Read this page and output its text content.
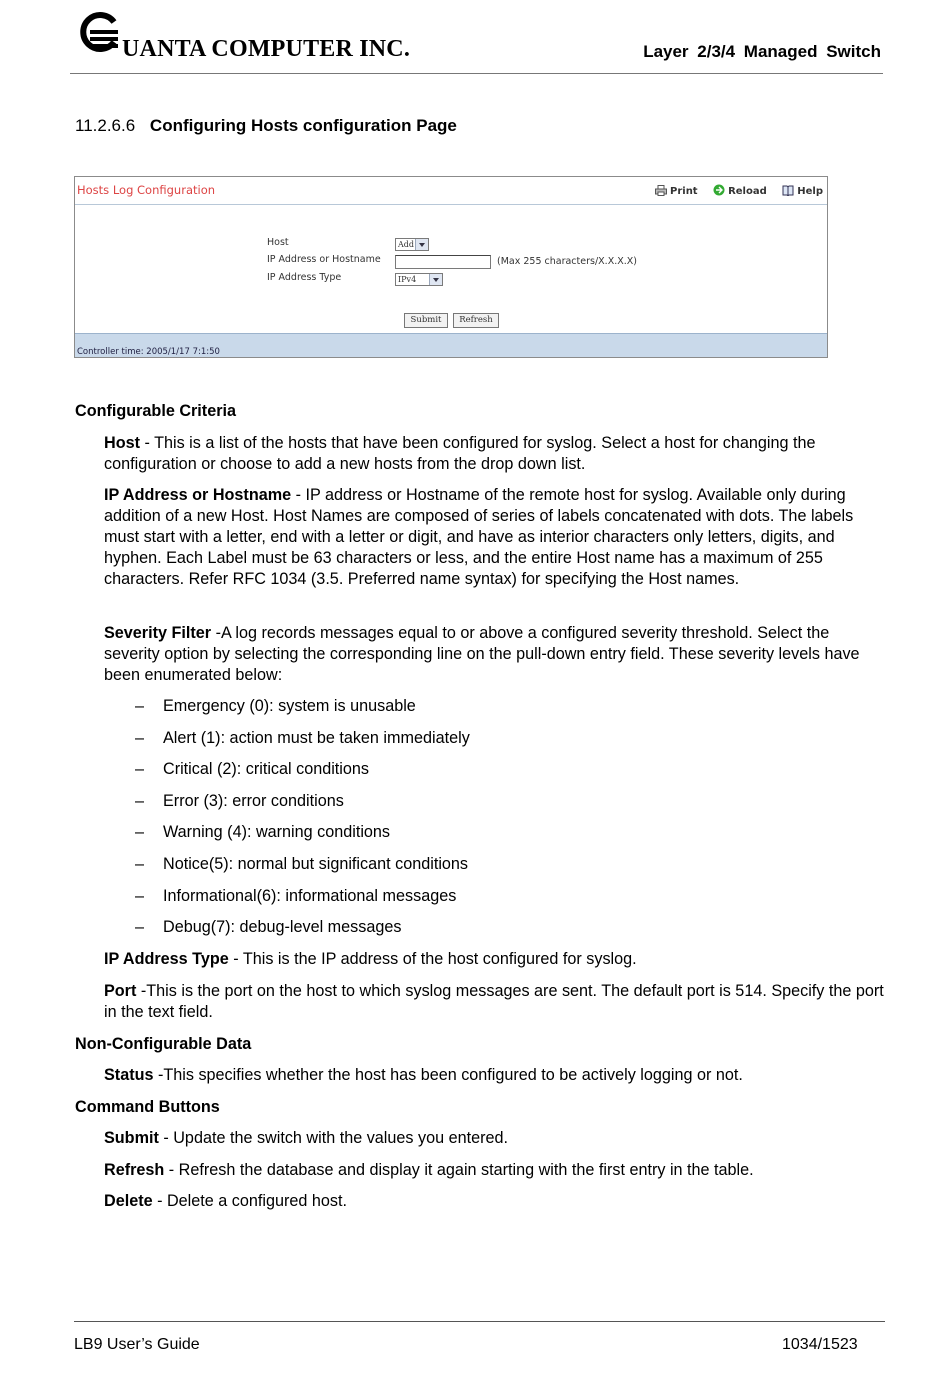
UANTA COMPUTER INC.	Layer 2/3/4 Managed Switch
11.2.6.6 Configuring Hosts configuration Page
Hosts Log Configuration	Print	Reload	Help
Host	Add
IP Address or Hostname	(Max 255 characters/X.X.X.X)
IP Address Type	IPv4
Submit	Refresh
Controller time: 2005/1/17 7:1:50
Configurable Criteria
Host - This is a list of the hosts that have been configured for syslog. Select a host for changing the configuration or choose to add a new hosts from the drop down list.
IP Address or Hostname - IP address or Hostname of the remote host for syslog. Available only during addition of a new Host. Host Names are composed of series of labels concatenated with dots. The labels must start with a letter, end with a letter or digit, and have as interior characters only letters, digits, and hyphen. Each Label must be 63 characters or less, and the entire Host name has a maximum of 255 characters. Refer RFC 1034 (3.5. Preferred name syntax) for specifying the Host names.
Severity Filter -A log records messages equal to or above a configured severity threshold. Select the severity option by selecting the corresponding line on the pull-down entry field. These severity levels have been enumerated below:
– Emergency (0): system is unusable
– Alert (1): action must be taken immediately
– Critical (2): critical conditions
– Error (3): error conditions
– Warning (4): warning conditions
– Notice(5): normal but significant conditions
– Informational(6): informational messages
– Debug(7): debug-level messages
IP Address Type - This is the IP address of the host configured for syslog.
Port -This is the port on the host to which syslog messages are sent. The default port is 514. Specify the port in the text field.
Non-Configurable Data
Status -This specifies whether the host has been configured to be actively logging or not.
Command Buttons
Submit - Update the switch with the values you entered.
Refresh - Refresh the database and display it again starting with the first entry in the table.
Delete - Delete a configured host.
LB9 User’s Guide	1034/1523
